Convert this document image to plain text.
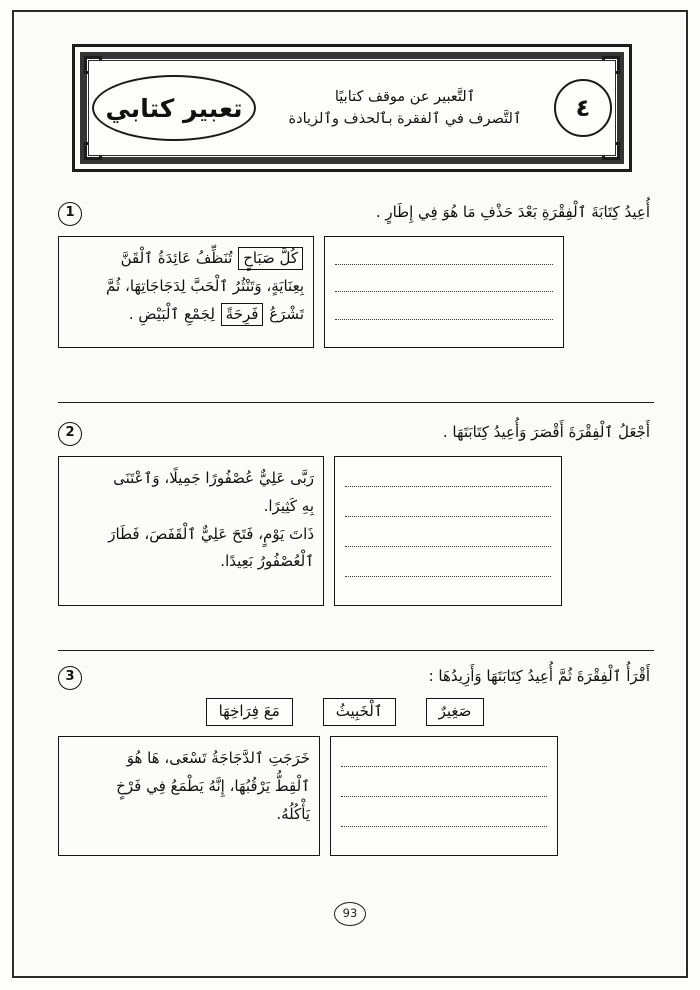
تعبير كتابي	ٱلتَّعبير عن موقف كتابيًا
ٱلتَّصرف في ٱلفقرة بٱلحذف وٱلزيادة	٤
1	أُعِيدُ كِتَابَةَ ٱلْفِقْرَةِ بَعْدَ حَذْفِ مَا هُوَ فِي إِطَارٍ .
كُلَّ صَبَاحٍ تُنَظِّفُ عَائِدَةُ ٱلْقَنَّ
بِعِنَايَةٍ، وَتَنْثُرُ ٱلْحَبَّ لِدَجَاجَاتِهَا، ثُمَّ
تَشْرَعُ فَرِحَةً لِجَمْعِ ٱلْبَيْضِ .
2	أَجْعَلُ ٱلْفِقْرَةَ أَقْصَرَ وَأُعِيدُ كِتَابَتَهَا .
رَبَّى عَلِيٌّ عُصْفُورًا جَمِيلًا، وَٱعْتَنَى
بِهِ كَثِيرًا.
ذَاتَ يَوْمٍ، فَتَحَ عَلِيٌّ ٱلْقَفَصَ، فَطَارَ
ٱلْعُصْفُورُ بَعِيدًا.
3	أَقْرَأُ ٱلْفِقْرَةَ ثُمَّ أُعِيدُ كِتَابَتَهَا وَأَزِيدُهَا :
مَعَ فِرَاخِهَا	ٱلْخَبِيثُ	صَغِيرٌ
خَرَجَتِ ٱلدَّجَاجَةُ تَسْعَى، هَا هُوَ
ٱلْقِطُّ يَرْقُبُهَا، إِنَّهُ يَطْمَعُ فِي فَرْخٍ
يَأْكُلُهُ.
93
